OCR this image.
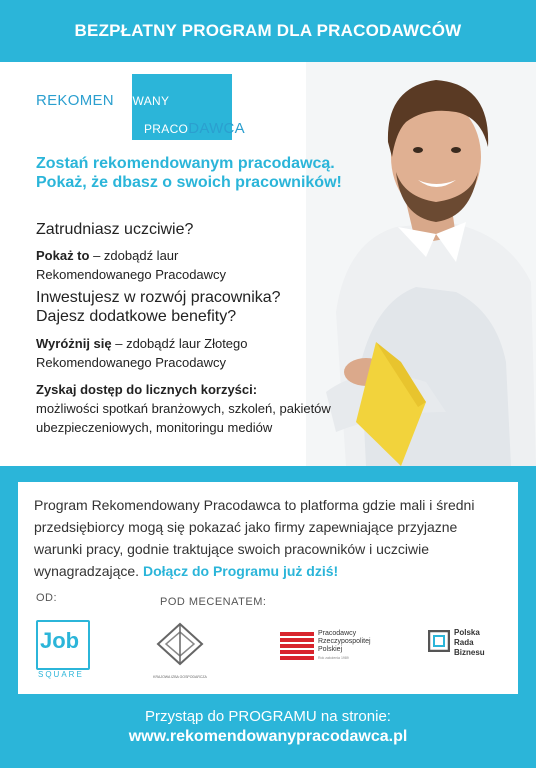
BEZPŁATNY PROGRAM DLA PRACODAWCÓW
REKOMENDOWANY
PRACODAWCA
Zostań rekomendowanym pracodawcą.
Pokaż, że dbasz o swoich pracowników!
Zatrudniasz uczciwie?
Pokaż to – zdobądź laur
Rekomendowanego Pracodawcy
Inwestujesz w rozwój pracownika?
Dajesz dodatkowe benefity?
Wyróżnij się – zdobądź laur Złotego
Rekomendowanego Pracodawcy
Zyskaj dostęp do licznych korzyści:
możliwości spotkań branżowych, szkoleń, pakietów
ubezpieczeniowych, monitoringu mediów
Program Rekomendowany Pracodawca to platforma gdzie mali i średni przedsiębiorcy mogą się pokazać jako firmy zapewniające przyjazne warunki pracy, godnie traktujące swoich pracowników i uczciwie wynagradzające. Dołącz do Programu już dziś!
OD:	POD MECENATEM:
Job
SQUARE	KRAJOWA IZBA GOSPODARCZA
Pracodawcy
Rzeczypospolitej
Polskiej
Rok założenia 1989
Polska
Rada
Biznesu
Przystąp do PROGRAMU na stronie:
www.rekomendowanypracodawca.pl
